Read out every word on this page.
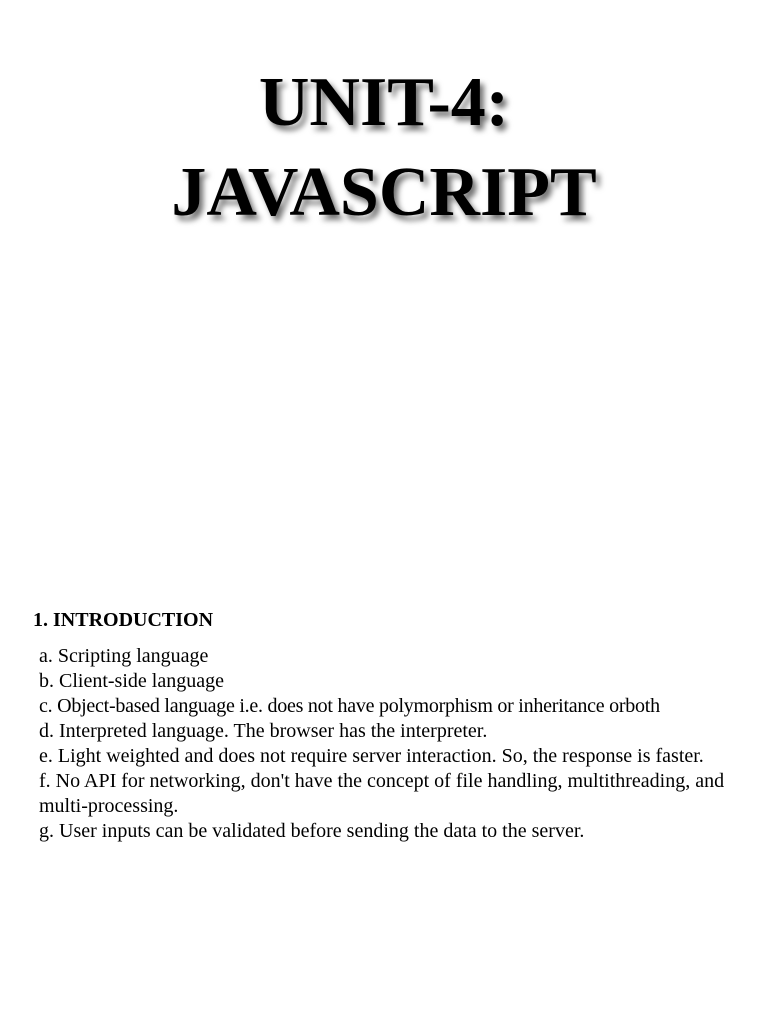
UNIT-4:
JAVASCRIPT
1. INTRODUCTION
a. Scripting language
b. Client-side language
c. Object-based language i.e. does not have polymorphism or inheritance orboth
d. Interpreted language. The browser has the interpreter.
e. Light weighted and does not require server interaction. So, the response is faster.
f. No API for networking, don't have the concept of file handling, multithreading, and multi-processing.
g. User inputs can be validated before sending the data to the server.
